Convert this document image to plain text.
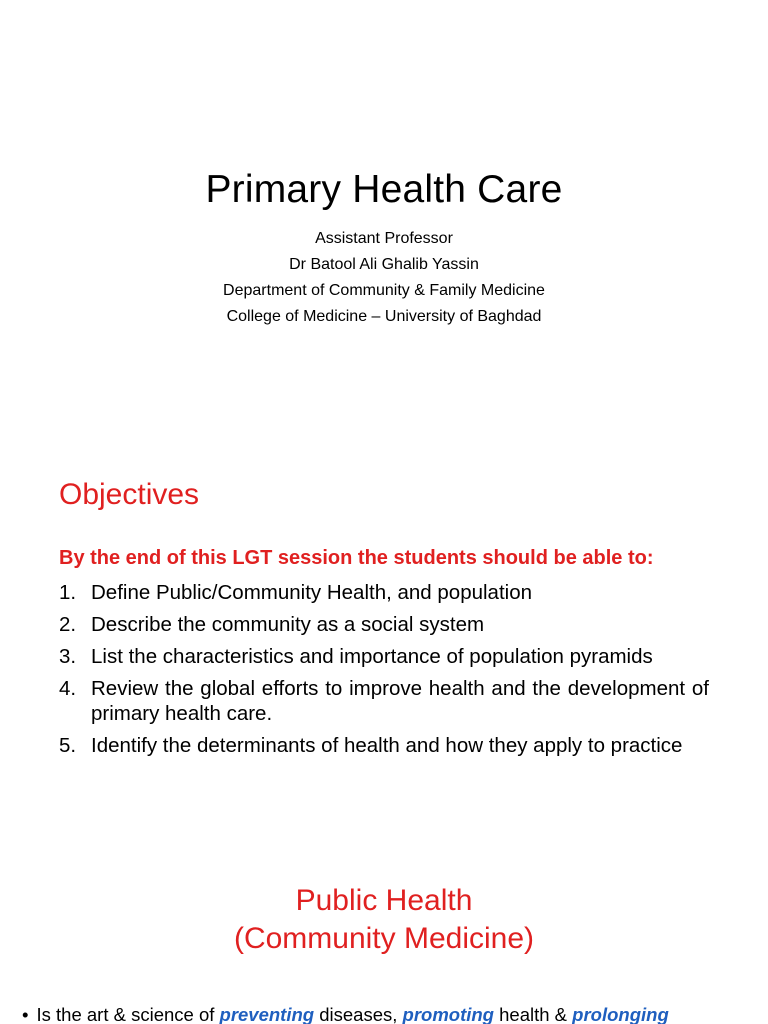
Primary Health Care
Assistant Professor
Dr Batool Ali Ghalib Yassin
Department of Community & Family Medicine
College of Medicine – University of Baghdad
Objectives
By the end of this LGT session the students should be able to:
1. Define Public/Community Health, and population
2. Describe the community as a social system
3. List the characteristics and importance of population pyramids
4. Review the global efforts to improve health and the development of primary health care.
5. Identify the determinants of health and how they apply to practice
Public Health
(Community Medicine)
• Is the art & science of preventing diseases, promoting health & prolonging
